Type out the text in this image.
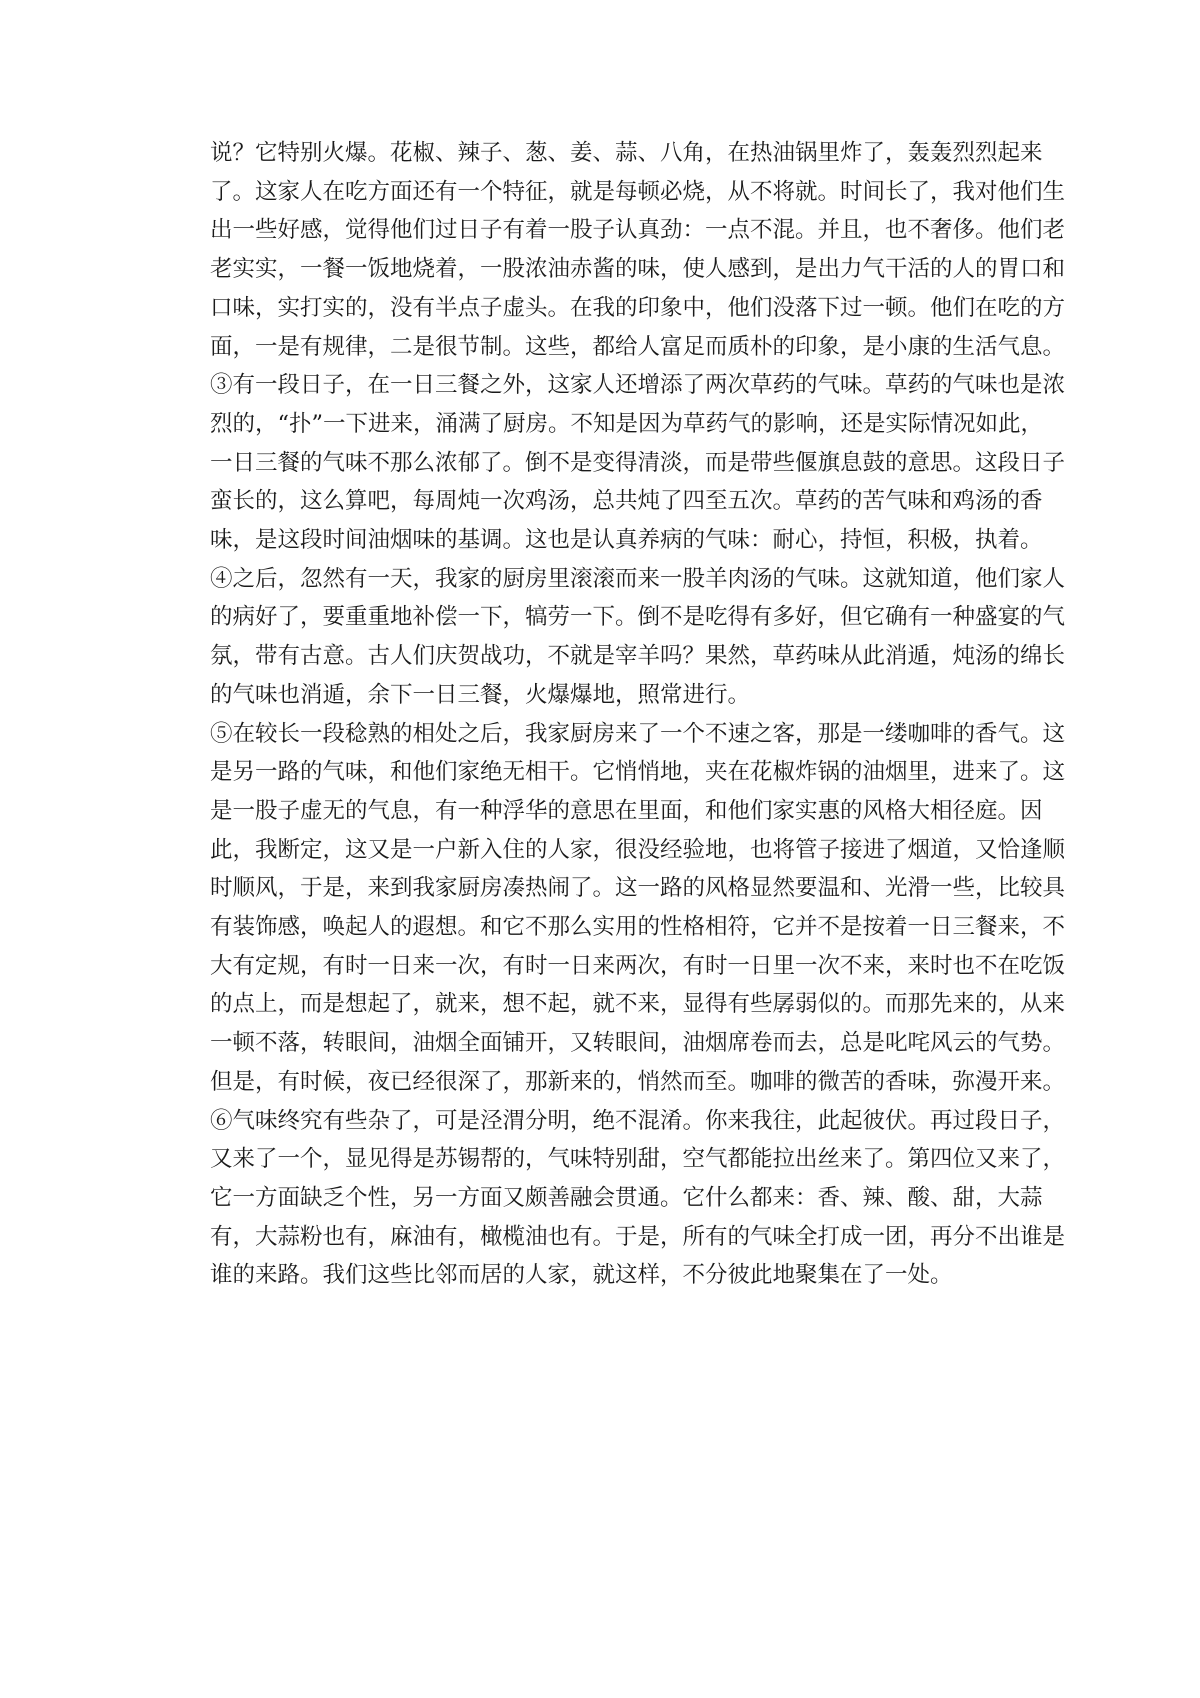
说？它特别火爆。花椒、辣子、葱、姜、蒜、八角，在热油锅里炸了，轰轰烈烈起来
了。这家人在吃方面还有一个特征，就是每顿必烧，从不将就。时间长了，我对他们生
出一些好感，觉得他们过日子有着一股子认真劲：一点不混。并且，也不奢侈。他们老
老实实，一餐一饭地烧着，一股浓油赤酱的味，使人感到，是出力气干活的人的胃口和
口味，实打实的，没有半点子虚头。在我的印象中，他们没落下过一顿。他们在吃的方
面，一是有规律，二是很节制。这些，都给人富足而质朴的印象，是小康的生活气息。
③有一段日子，在一日三餐之外，这家人还增添了两次草药的气味。草药的气味也是浓
烈的，“扑”一下进来，涌满了厨房。不知是因为草药气的影响，还是实际情况如此，
一日三餐的气味不那么浓郁了。倒不是变得清淡，而是带些偃旗息鼓的意思。这段日子
蛮长的，这么算吧，每周炖一次鸡汤，总共炖了四至五次。草药的苦气味和鸡汤的香
味，是这段时间油烟味的基调。这也是认真养病的气味：耐心，持恒，积极，执着。
④之后，忽然有一天，我家的厨房里滚滚而来一股羊肉汤的气味。这就知道，他们家人
的病好了，要重重地补偿一下，犒劳一下。倒不是吃得有多好，但它确有一种盛宴的气
氛，带有古意。古人们庆贺战功，不就是宰羊吗？果然，草药味从此消遁，炖汤的绵长
的气味也消遁，余下一日三餐，火爆爆地，照常进行。
⑤在较长一段稔熟的相处之后，我家厨房来了一个不速之客，那是一缕咖啡的香气。这
是另一路的气味，和他们家绝无相干。它悄悄地，夹在花椒炸锅的油烟里，进来了。这
是一股子虚无的气息，有一种浮华的意思在里面，和他们家实惠的风格大相径庭。因
此，我断定，这又是一户新入住的人家，很没经验地，也将管子接进了烟道，又恰逢顺
时顺风，于是，来到我家厨房凑热闹了。这一路的风格显然要温和、光滑一些，比较具
有装饰感，唤起人的遐想。和它不那么实用的性格相符，它并不是按着一日三餐来，不
大有定规，有时一日来一次，有时一日来两次，有时一日里一次不来，来时也不在吃饭
的点上，而是想起了，就来，想不起，就不来，显得有些孱弱似的。而那先来的，从来
一顿不落，转眼间，油烟全面铺开，又转眼间，油烟席卷而去，总是叱咤风云的气势。
但是，有时候，夜已经很深了，那新来的，悄然而至。咖啡的微苦的香味，弥漫开来。
⑥气味终究有些杂了，可是泾渭分明，绝不混淆。你来我往，此起彼伏。再过段日子，
又来了一个，显见得是苏锡帮的，气味特别甜，空气都能拉出丝来了。第四位又来了，
它一方面缺乏个性，另一方面又颇善融会贯通。它什么都来：香、辣、酸、甜，大蒜
有，大蒜粉也有，麻油有，橄榄油也有。于是，所有的气味全打成一团，再分不出谁是
谁的来路。我们这些比邻而居的人家，就这样，不分彼此地聚集在了一处。
